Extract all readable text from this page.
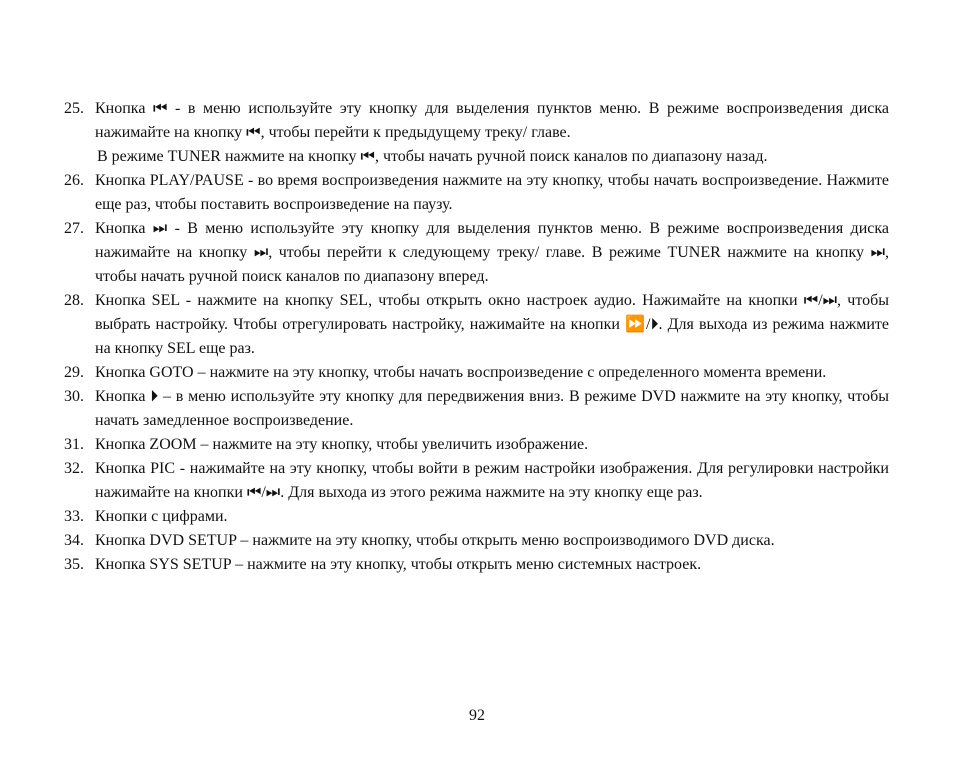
25. Кнопка ⏮ - в меню используйте эту кнопку для выделения пунктов меню. В режиме воспроизведения диска нажимайте на кнопку ⏮, чтобы перейти к предыдущему треку/ главе.
В режиме TUNER нажмите на кнопку ⏮, чтобы начать ручной поиск каналов по диапазону назад.
26. Кнопка PLAY/PAUSE - во время воспроизведения нажмите на эту кнопку, чтобы начать воспроизведение. Нажмите еще раз, чтобы поставить воспроизведение на паузу.
27. Кнопка ⏭ - В меню используйте эту кнопку для выделения пунктов меню. В режиме воспроизведения диска нажимайте на кнопку ⏭, чтобы перейти к следующему треку/ главе. В режиме TUNER нажмите на кнопку ⏭, чтобы начать ручной поиск каналов по диапазону вперед.
28. Кнопка SEL - нажмите на кнопку SEL, чтобы открыть окно настроек аудио. Нажимайте на кнопки ⏮/⏭, чтобы выбрать настройку. Чтобы отрегулировать настройку, нажимайте на кнопки ⏩/⏵. Для выхода из режима нажмите на кнопку SEL еще раз.
29. Кнопка GOTO – нажмите на эту кнопку, чтобы начать воспроизведение с определенного момента времени.
30. Кнопка ⏵ – в меню используйте эту кнопку для передвижения вниз. В режиме DVD нажмите на эту кнопку, чтобы начать замедленное воспроизведение.
31. Кнопка ZOOM – нажмите на эту кнопку, чтобы увеличить изображение.
32. Кнопка PIC - нажимайте на эту кнопку, чтобы войти в режим настройки изображения. Для регулировки настройки нажимайте на кнопки ⏮/⏭. Для выхода из этого режима нажмите на эту кнопку еще раз.
33. Кнопки с цифрами.
34. Кнопка DVD SETUP – нажмите на эту кнопку, чтобы открыть меню воспроизводимого DVD диска.
35. Кнопка SYS SETUP – нажмите на эту кнопку, чтобы открыть меню системных настроек.
92
